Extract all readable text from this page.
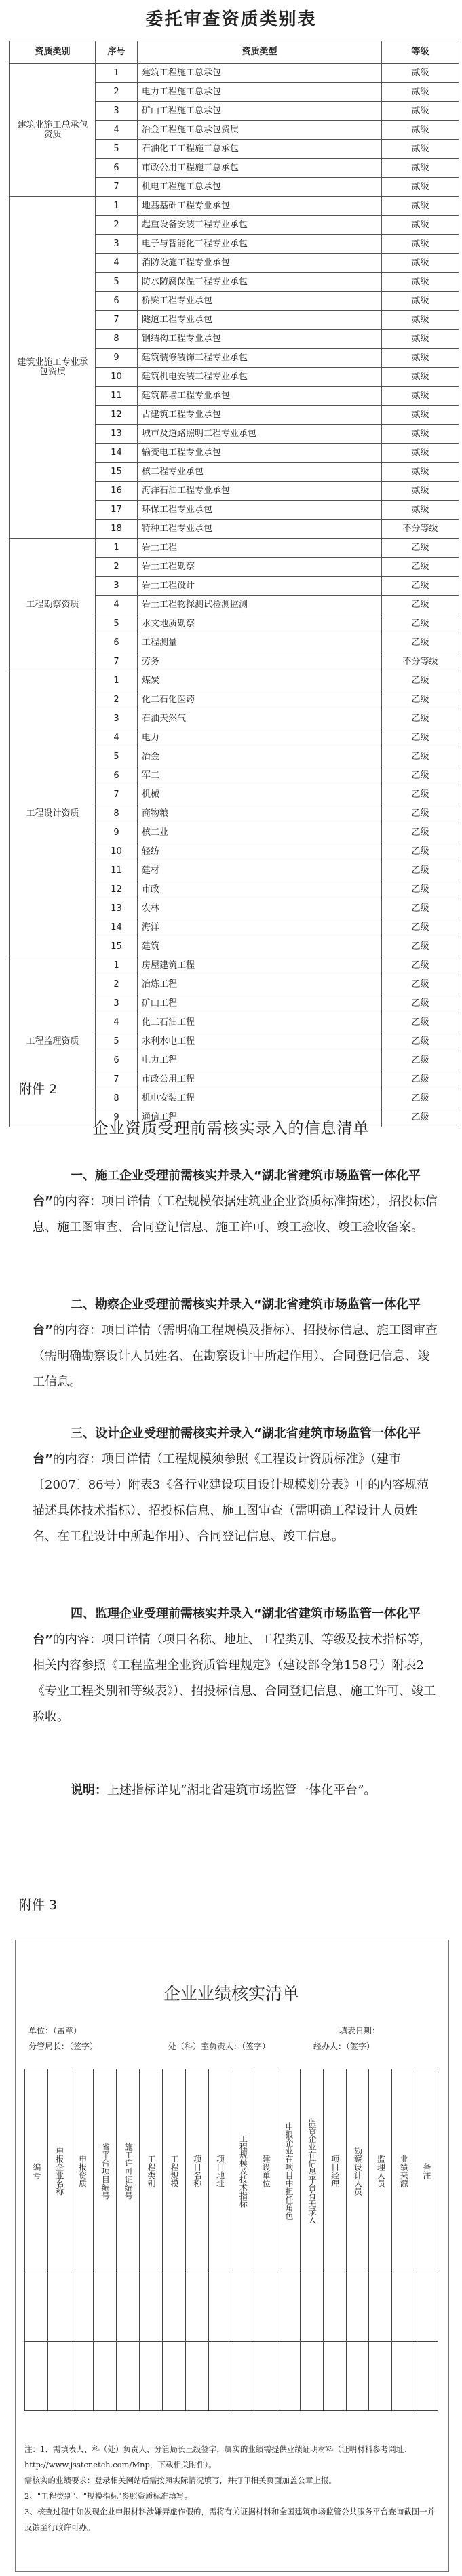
委托审查资质类别表
资质类别	序号	资质类型	等级
建筑业施工总承包资质	1	建筑工程施工总承包	贰级
	2	电力工程施工总承包	贰级
	3	矿山工程施工总承包	贰级
	4	冶金工程施工总承包资质	贰级
	5	石油化工工程施工总承包	贰级
	6	市政公用工程施工总承包	贰级
	7	机电工程施工总承包	贰级
建筑业施工专业承包资质	1	地基基础工程专业承包	贰级
	2	起重设备安装工程专业承包	贰级
	3	电子与智能化工程专业承包	贰级
	4	消防设施工程专业承包	贰级
	5	防水防腐保温工程专业承包	贰级
	6	桥梁工程专业承包	贰级
	7	隧道工程专业承包	贰级
	8	钢结构工程专业承包	贰级
	9	建筑装修装饰工程专业承包	贰级
	10	建筑机电安装工程专业承包	贰级
	11	建筑幕墙工程专业承包	贰级
	12	古建筑工程专业承包	贰级
	13	城市及道路照明工程专业承包	贰级
	14	输变电工程专业承包	贰级
	15	核工程专业承包	贰级
	16	海洋石油工程专业承包	贰级
	17	环保工程专业承包	贰级
	18	特种工程专业承包	不分等级
工程勘察资质	1	岩土工程	乙级
	2	岩土工程勘察	乙级
	3	岩土工程设计	乙级
	4	岩土工程物探测试检测监测	乙级
	5	水文地质勘察	乙级
	6	工程测量	乙级
	7	劳务	不分等级
工程设计资质	1	煤炭	乙级
	2	化工石化医药	乙级
	3	石油天然气	乙级
	4	电力	乙级
	5	冶金	乙级
	6	军工	乙级
	7	机械	乙级
	8	商物粮	乙级
	9	核工业	乙级
	10	轻纺	乙级
	11	建材	乙级
	12	市政	乙级
	13	农林	乙级
	14	海洋	乙级
	15	建筑	乙级
工程监理资质	1	房屋建筑工程	乙级
	2	冶炼工程	乙级
	3	矿山工程	乙级
	4	化工石油工程	乙级
	5	水利水电工程	乙级
	6	电力工程	乙级
	7	市政公用工程	乙级
	8	机电安装工程	乙级
	9	通信工程	乙级
附件 2
企业资质受理前需核实录入的信息清单
一、施工企业受理前需核实并录入“湖北省建筑市场监管一体化平台”的内容：项目详情（工程规模依据建筑业企业资质标准描述），招投标信息、施工图审查、合同登记信息、施工许可、竣工验收、竣工验收备案。
二、勘察企业受理前需核实并录入“湖北省建筑市场监管一体化平台”的内容：项目详情（需明确工程规模及指标）、招投标信息、施工图审查（需明确勘察设计人员姓名、在勘察设计中所起作用）、合同登记信息、竣工信息。
三、设计企业受理前需核实并录入“湖北省建筑市场监管一体化平台”的内容：项目详情（工程规模须参照《工程设计资质标准》（建市〔2007〕86号）附表3《各行业建设项目设计规模划分表》中的内容规范描述具体技术指标）、招投标信息、施工图审查（需明确工程设计人员姓名、在工程设计中所起作用）、合同登记信息、竣工信息。
四、监理企业受理前需核实并录入“湖北省建筑市场监管一体化平台”的内容：项目详情（项目名称、地址、工程类别、等级及技术指标等，相关内容参照《工程监理企业资质管理规定》（建设部令第158号）附表2《专业工程类别和等级表》）、招投标信息、合同登记信息、施工许可、竣工验收。
说明：上述指标详见“湖北省建筑市场监管一体化平台”。
附件 3
企业业绩核实清单
单位：（盖章）
分管局长：（签字）	处（科）室负责人：（签字）
填表日期：
经办人：（签字）
编号	申报企业名称	申报资质	省平台项目编号	施工许可证编号	工程类别	工程规模	项目名称	项目地址	工程规模及技术指标	建设单位	申报企业在项目中担任角色	监管企业在信息平台有无录入	项目经理	勘察设计人员	监理人员	业绩来源	备注

注：1、需填表人、科（处）负责人、分管局长三级签字，属实的业绩需提供业绩证明材料（证明材料参考网址：http://www.jsstcnetch.com/Mnp，下载相关附件）。
需核实的业绩要求：登录相关网站后需按照实际情况填写，并打印相关页面加盖公章上报。
2、"工程类别"、"规模指标"参照资质标准填写。
3、核查过程中如发现企业申报材料涉嫌弄虚作假的，需将有关证据材料和全国建筑市场监管公共服务平台查询截图一并反馈至行政许可办。
